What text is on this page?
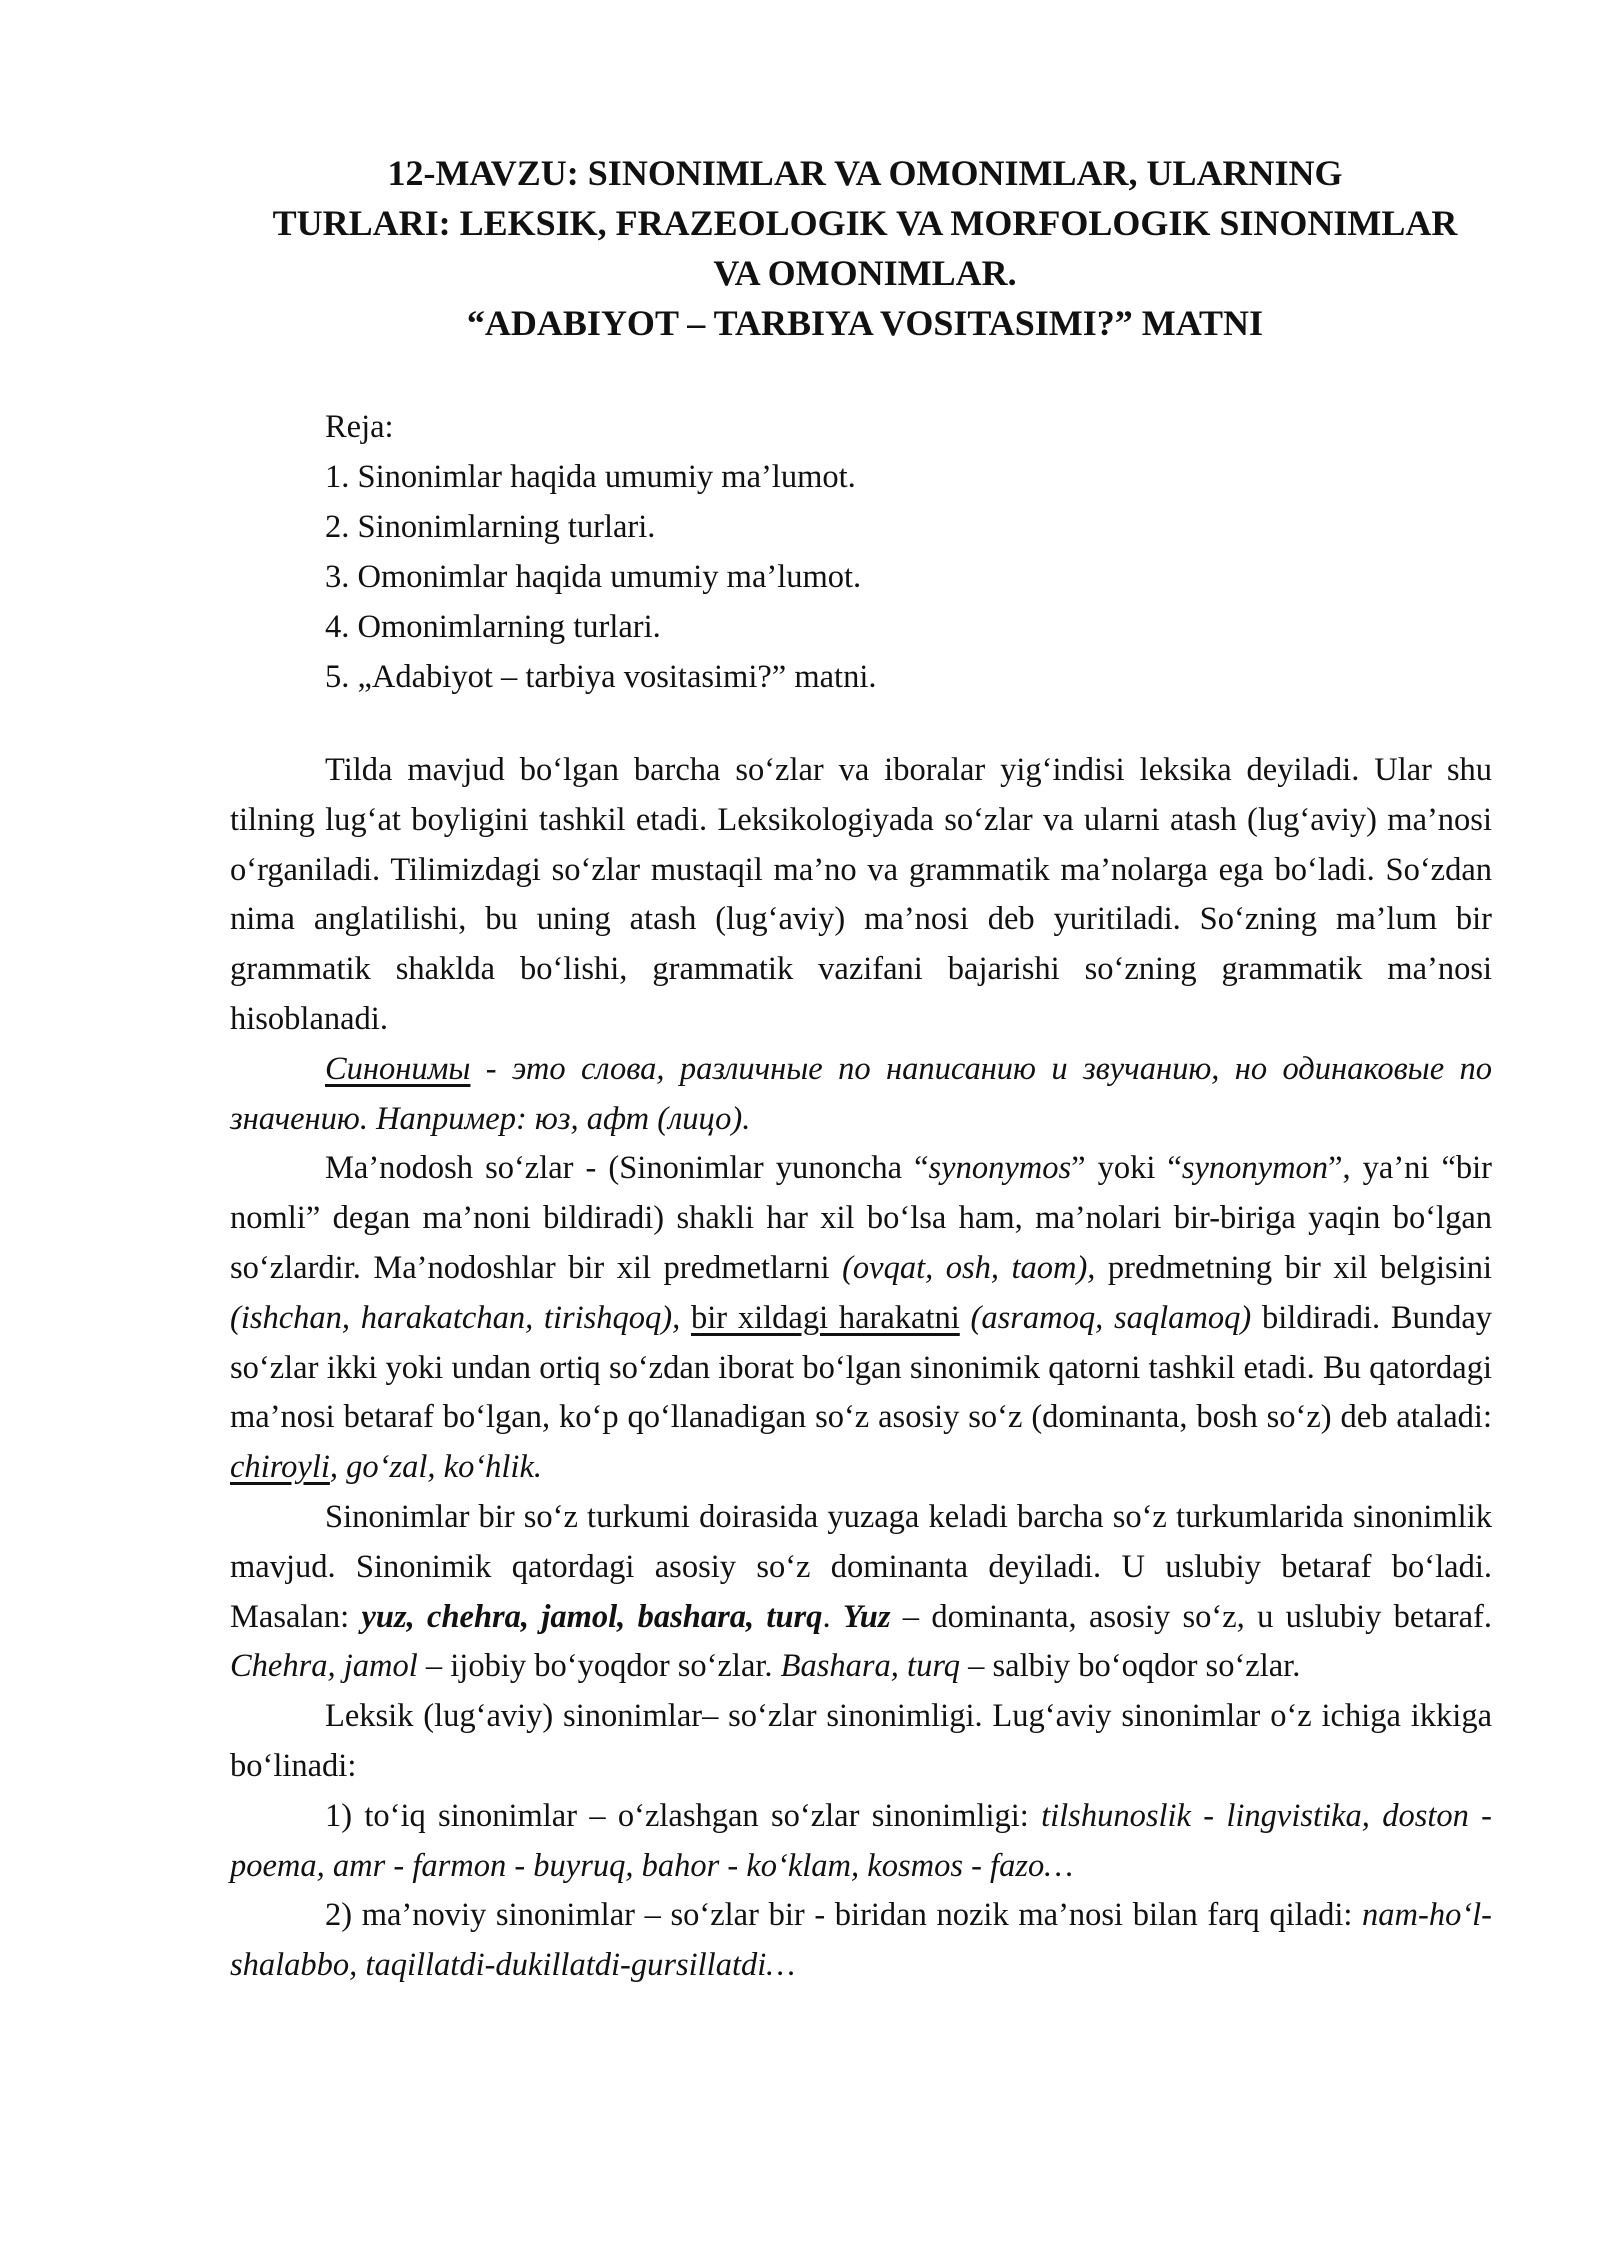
12-MAVZU: SINONIMLAR VA OMONIMLAR, ULARNING
TURLARI: LEKSIK, FRAZEOLOGIK VA MORFOLOGIK SINONIMLAR
VA OMONIMLAR.
“ADABIYOT – TARBIYA VOSITASIMI?” MATNI
Reja:
1. Sinonimlar haqida umumiy ma’lumot.
2. Sinonimlarning turlari.
3. Omonimlar haqida umumiy ma’lumot.
4. Omonimlarning turlari.
5. „Adabiyot – tarbiya vositasimi?” matni.

Tilda mavjud boʻlgan barcha soʻzlar va iboralar yigʻindisi leksika deyiladi. Ular shu tilning lugʻat boyligini tashkil etadi. Leksikologiyada soʻzlar va ularni atash (lugʻaviy) ma’nosi oʻrganiladi. Tilimizdagi soʻzlar mustaqil ma’no va grammatik ma’nolarga ega boʻladi. Soʻzdan nima anglatilishi, bu uning atash (lugʻaviy) ma’nosi deb yuritiladi. Soʻzning ma’lum bir grammatik shaklda boʻlishi, grammatik vazifani bajarishi soʻzning grammatik ma’nosi hisoblanadi.

Синонимы - это слова, различные по написанию и звучанию, но одинаковые по значению. Например: юз, афт (лицо).

Ma’nodosh soʻzlar - (Sinonimlar yunoncha “synonymos” yoki “synonymon”, ya’ni “bir nomli” degan ma’noni bildiradi) shakli har xil boʻlsa ham, ma’nolari bir-biriga yaqin boʻlgan soʻzlardir. Ma’nodoshlar bir xil predmetlarni (ovqat, osh, taom), predmetning bir xil belgisini (ishchan, harakatchan, tirishqoq), bir xildagi harakatni (asramoq, saqlamoq) bildiradi. Bunday soʻzlar ikki yoki undan ortiq soʻzdan iborat boʻlgan sinonimik qatorni tashkil etadi. Bu qatordagi ma’nosi betaraf boʻlgan, koʻp qoʻllanadigan soʻz asosiy soʻz (dominanta, bosh soʻz) deb ataladi: chiroyli, goʻzal, koʻhlik.

Sinonimlar bir soʻz turkumi doirasida yuzaga keladi barcha soʻz turkumlarida sinonimlik mavjud. Sinonimik qatordagi asosiy soʻz dominanta deyiladi. U uslubiy betaraf boʻladi. Masalan: yuz, chehra, jamol, bashara, turq. Yuz – dominanta, asosiy soʻz, u uslubiy betaraf. Chehra, jamol – ijobiy boʻyoqdor soʻzlar. Bashara, turq – salbiy boʻoqdor soʻzlar.

Leksik (lugʻaviy) sinonimlar– soʻzlar sinonimligi. Lugʻaviy sinonimlar oʻz ichiga ikkiga boʻlinadi:

1) toʻiq sinonimlar – oʻzlashgan soʻzlar sinonimligi: tilshunoslik - lingvistika, doston - poema, amr - farmon - buyruq, bahor - koʻklam, kosmos - fazo…

2) ma’noviy sinonimlar – soʻzlar bir - biridan nozik ma’nosi bilan farq qiladi: nam-hoʻl-shalabbo, taqillatdi-dukillatdi-gursillatdi…
